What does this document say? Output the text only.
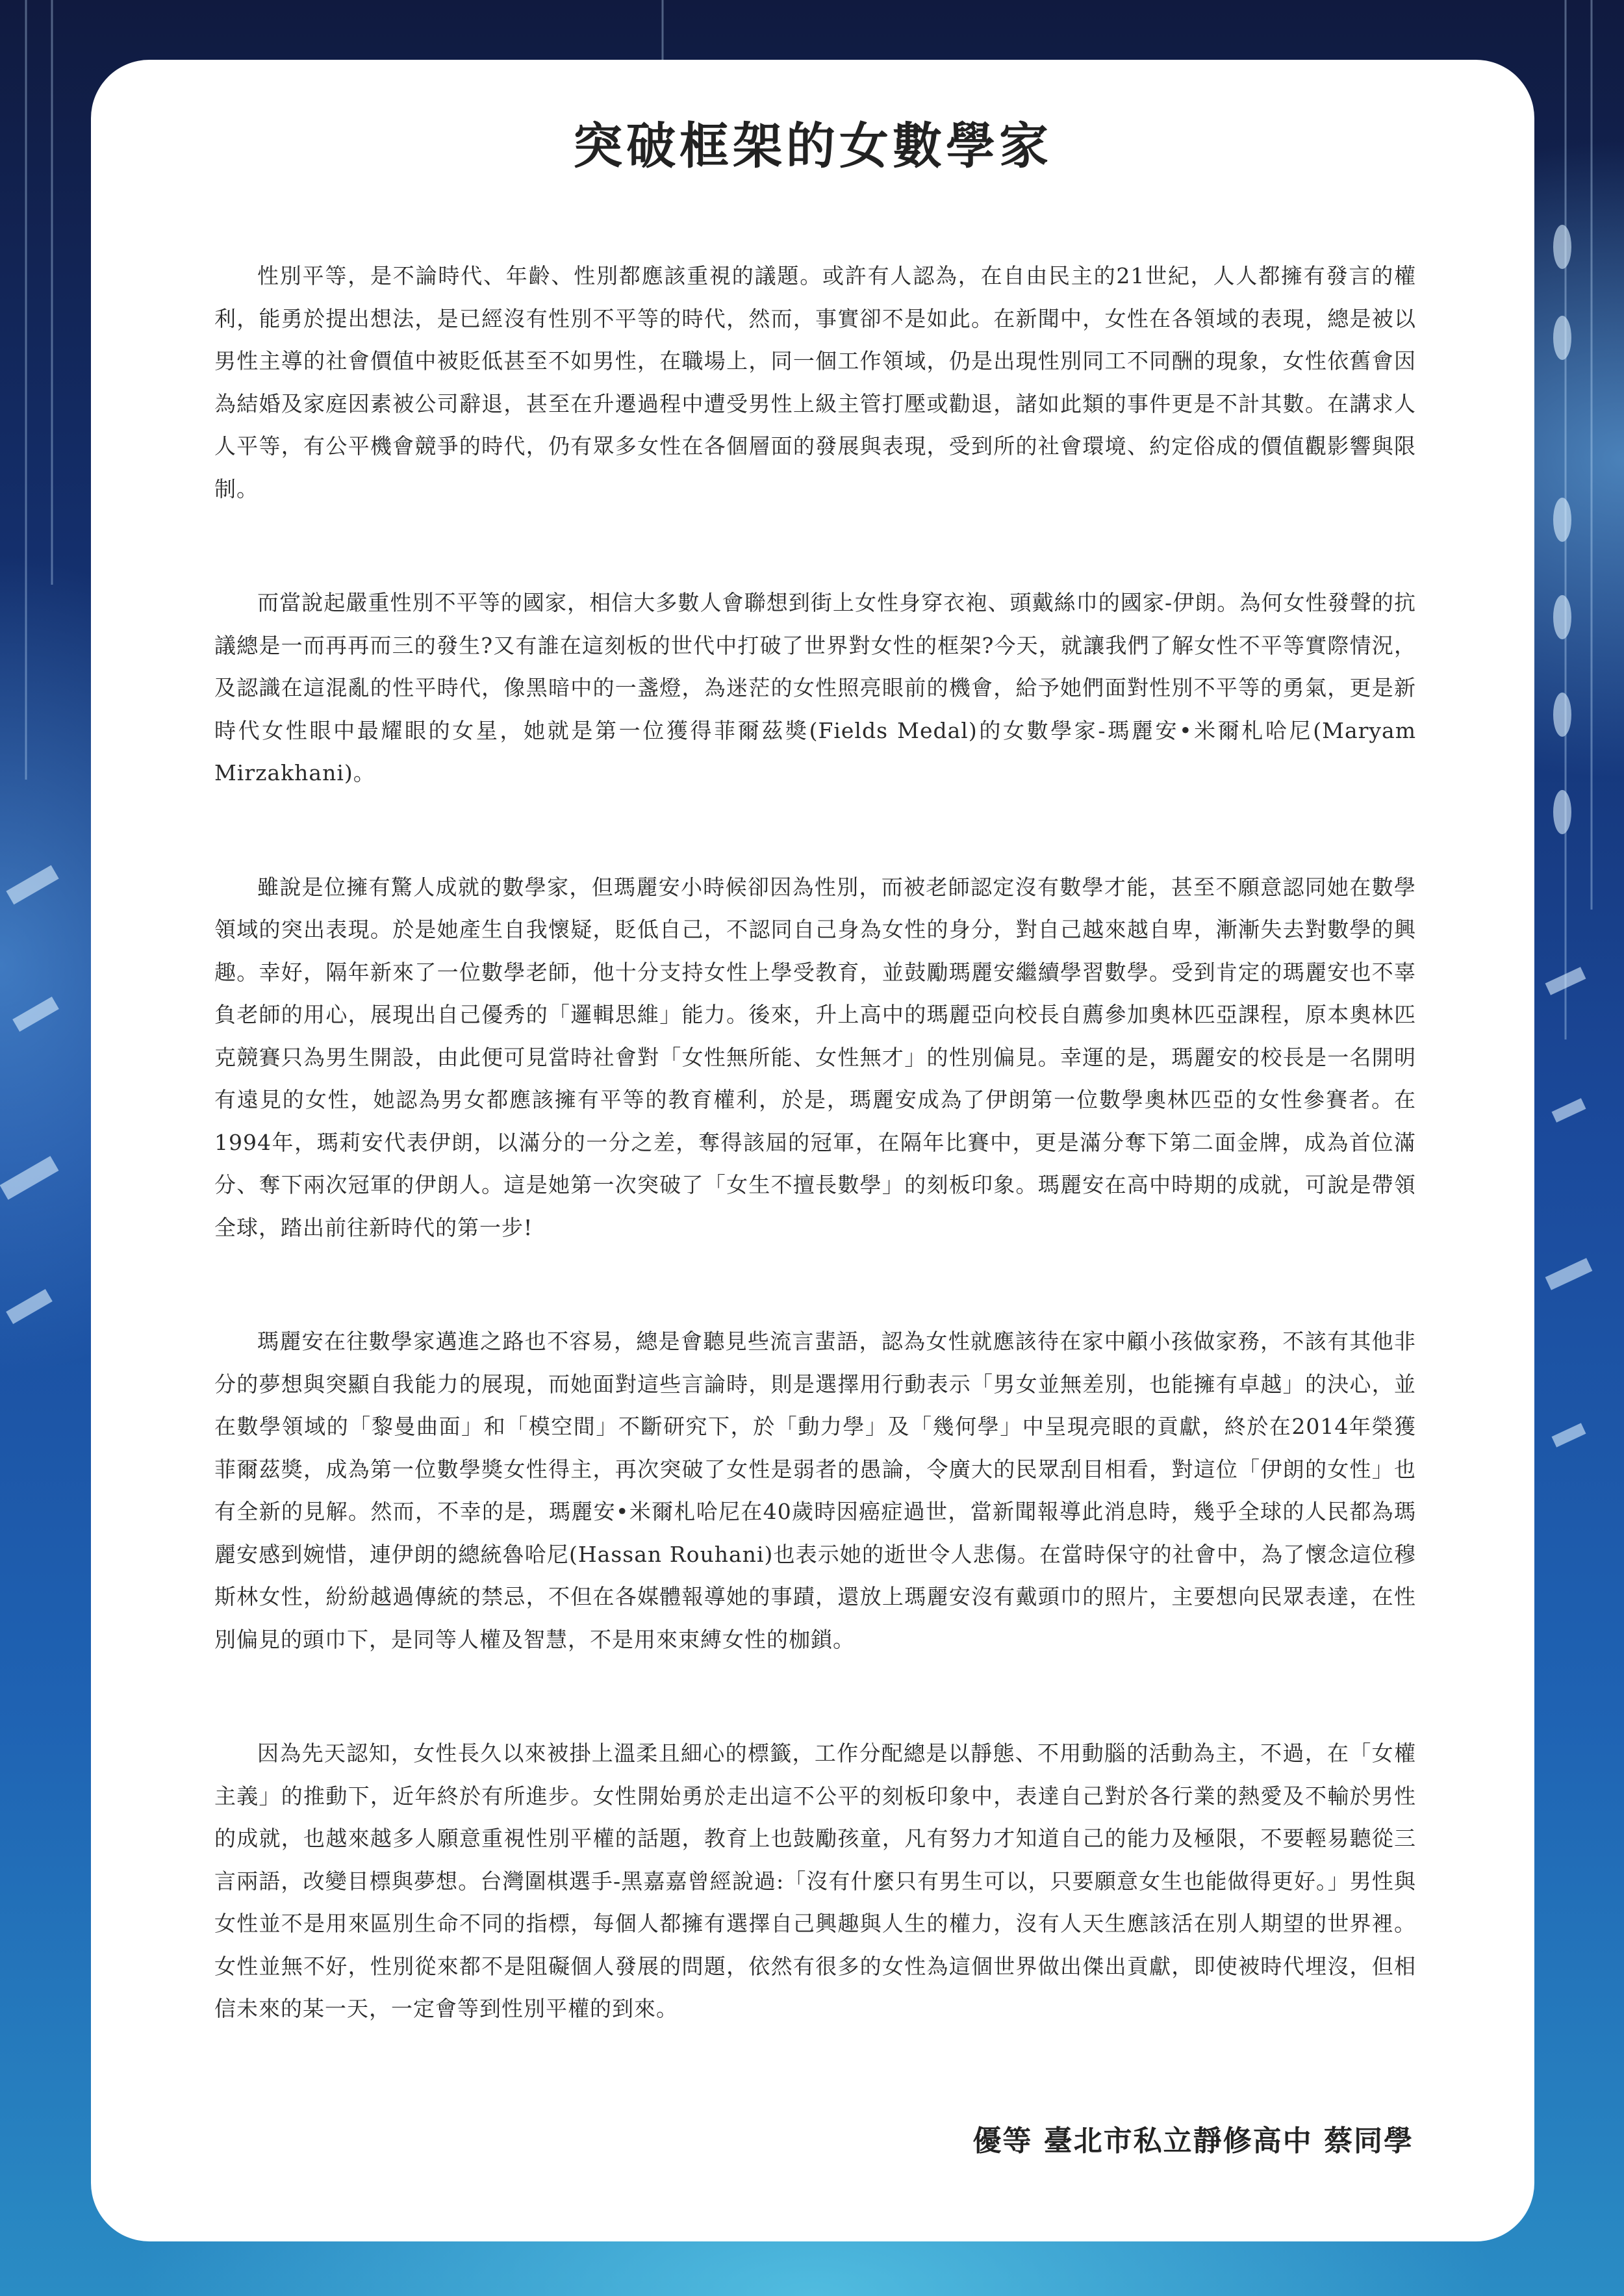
突破框架的女數學家

性別平等，是不論時代、年齡、性別都應該重視的議題。或許有人認為，在自由民主的21世紀，人人都擁有發言的權利，能勇於提出想法，是已經沒有性別不平等的時代，然而，事實卻不是如此。在新聞中，女性在各領域的表現，總是被以男性主導的社會價值中被貶低甚至不如男性，在職場上，同一個工作領域，仍是出現性別同工不同酬的現象，女性依舊會因為結婚及家庭因素被公司辭退，甚至在升遷過程中遭受男性上級主管打壓或勸退，諸如此類的事件更是不計其數。在講求人人平等，有公平機會競爭的時代，仍有眾多女性在各個層面的發展與表現，受到所的社會環境、約定俗成的價值觀影響與限制。

而當說起嚴重性別不平等的國家，相信大多數人會聯想到街上女性身穿衣袍、頭戴絲巾的國家-伊朗。為何女性發聲的抗議總是一而再再而三的發生?又有誰在這刻板的世代中打破了世界對女性的框架?今天，就讓我們了解女性不平等實際情況，及認識在這混亂的性平時代，像黑暗中的一盞燈，為迷茫的女性照亮眼前的機會，給予她們面對性別不平等的勇氣，更是新時代女性眼中最耀眼的女星，她就是第一位獲得菲爾茲獎(Fields Medal)的女數學家-瑪麗安•米爾札哈尼(Maryam Mirzakhani)。

雖說是位擁有驚人成就的數學家，但瑪麗安小時候卻因為性別，而被老師認定沒有數學才能，甚至不願意認同她在數學領域的突出表現。於是她產生自我懷疑，貶低自己，不認同自己身為女性的身分，對自己越來越自卑，漸漸失去對數學的興趣。幸好，隔年新來了一位數學老師，他十分支持女性上學受教育，並鼓勵瑪麗安繼續學習數學。受到肯定的瑪麗安也不辜負老師的用心，展現出自己優秀的「邏輯思維」能力。後來，升上高中的瑪麗亞向校長自薦參加奧林匹亞課程，原本奧林匹克競賽只為男生開設，由此便可見當時社會對「女性無所能、女性無才」的性別偏見。幸運的是，瑪麗安的校長是一名開明有遠見的女性，她認為男女都應該擁有平等的教育權利，於是，瑪麗安成為了伊朗第一位數學奧林匹亞的女性參賽者。在1994年，瑪莉安代表伊朗，以滿分的一分之差，奪得該屆的冠軍，在隔年比賽中，更是滿分奪下第二面金牌，成為首位滿分、奪下兩次冠軍的伊朗人。這是她第一次突破了「女生不擅長數學」的刻板印象。瑪麗安在高中時期的成就，可說是帶領全球，踏出前往新時代的第一步!

瑪麗安在往數學家邁進之路也不容易，總是會聽見些流言蜚語，認為女性就應該待在家中顧小孩做家務，不該有其他非分的夢想與突顯自我能力的展現，而她面對這些言論時，則是選擇用行動表示「男女並無差別，也能擁有卓越」的決心，並在數學領域的「黎曼曲面」和「模空間」不斷研究下，於「動力學」及「幾何學」中呈現亮眼的貢獻，終於在2014年榮獲菲爾茲獎，成為第一位數學獎女性得主，再次突破了女性是弱者的愚論，令廣大的民眾刮目相看，對這位「伊朗的女性」也有全新的見解。然而，不幸的是，瑪麗安•米爾札哈尼在40歲時因癌症過世，當新聞報導此消息時，幾乎全球的人民都為瑪麗安感到婉惜，連伊朗的總統魯哈尼(Hassan Rouhani)也表示她的逝世令人悲傷。在當時保守的社會中，為了懷念這位穆斯林女性，紛紛越過傳統的禁忌，不但在各媒體報導她的事蹟，還放上瑪麗安沒有戴頭巾的照片，主要想向民眾表達，在性別偏見的頭巾下，是同等人權及智慧，不是用來束縛女性的枷鎖。

因為先天認知，女性長久以來被掛上溫柔且細心的標籤，工作分配總是以靜態、不用動腦的活動為主，不過，在「女權主義」的推動下，近年終於有所進步。女性開始勇於走出這不公平的刻板印象中，表達自己對於各行業的熱愛及不輸於男性的成就，也越來越多人願意重視性別平權的話題，教育上也鼓勵孩童，凡有努力才知道自己的能力及極限，不要輕易聽從三言兩語，改變目標與夢想。台灣圍棋選手-黑嘉嘉曾經說過:「沒有什麼只有男生可以，只要願意女生也能做得更好。」男性與女性並不是用來區別生命不同的指標，每個人都擁有選擇自己興趣與人生的權力，沒有人天生應該活在別人期望的世界裡。女性並無不好，性別從來都不是阻礙個人發展的問題，依然有很多的女性為這個世界做出傑出貢獻，即使被時代埋沒，但相信未來的某一天，一定會等到性別平權的到來。

優等 臺北市私立靜修高中 蔡同學
